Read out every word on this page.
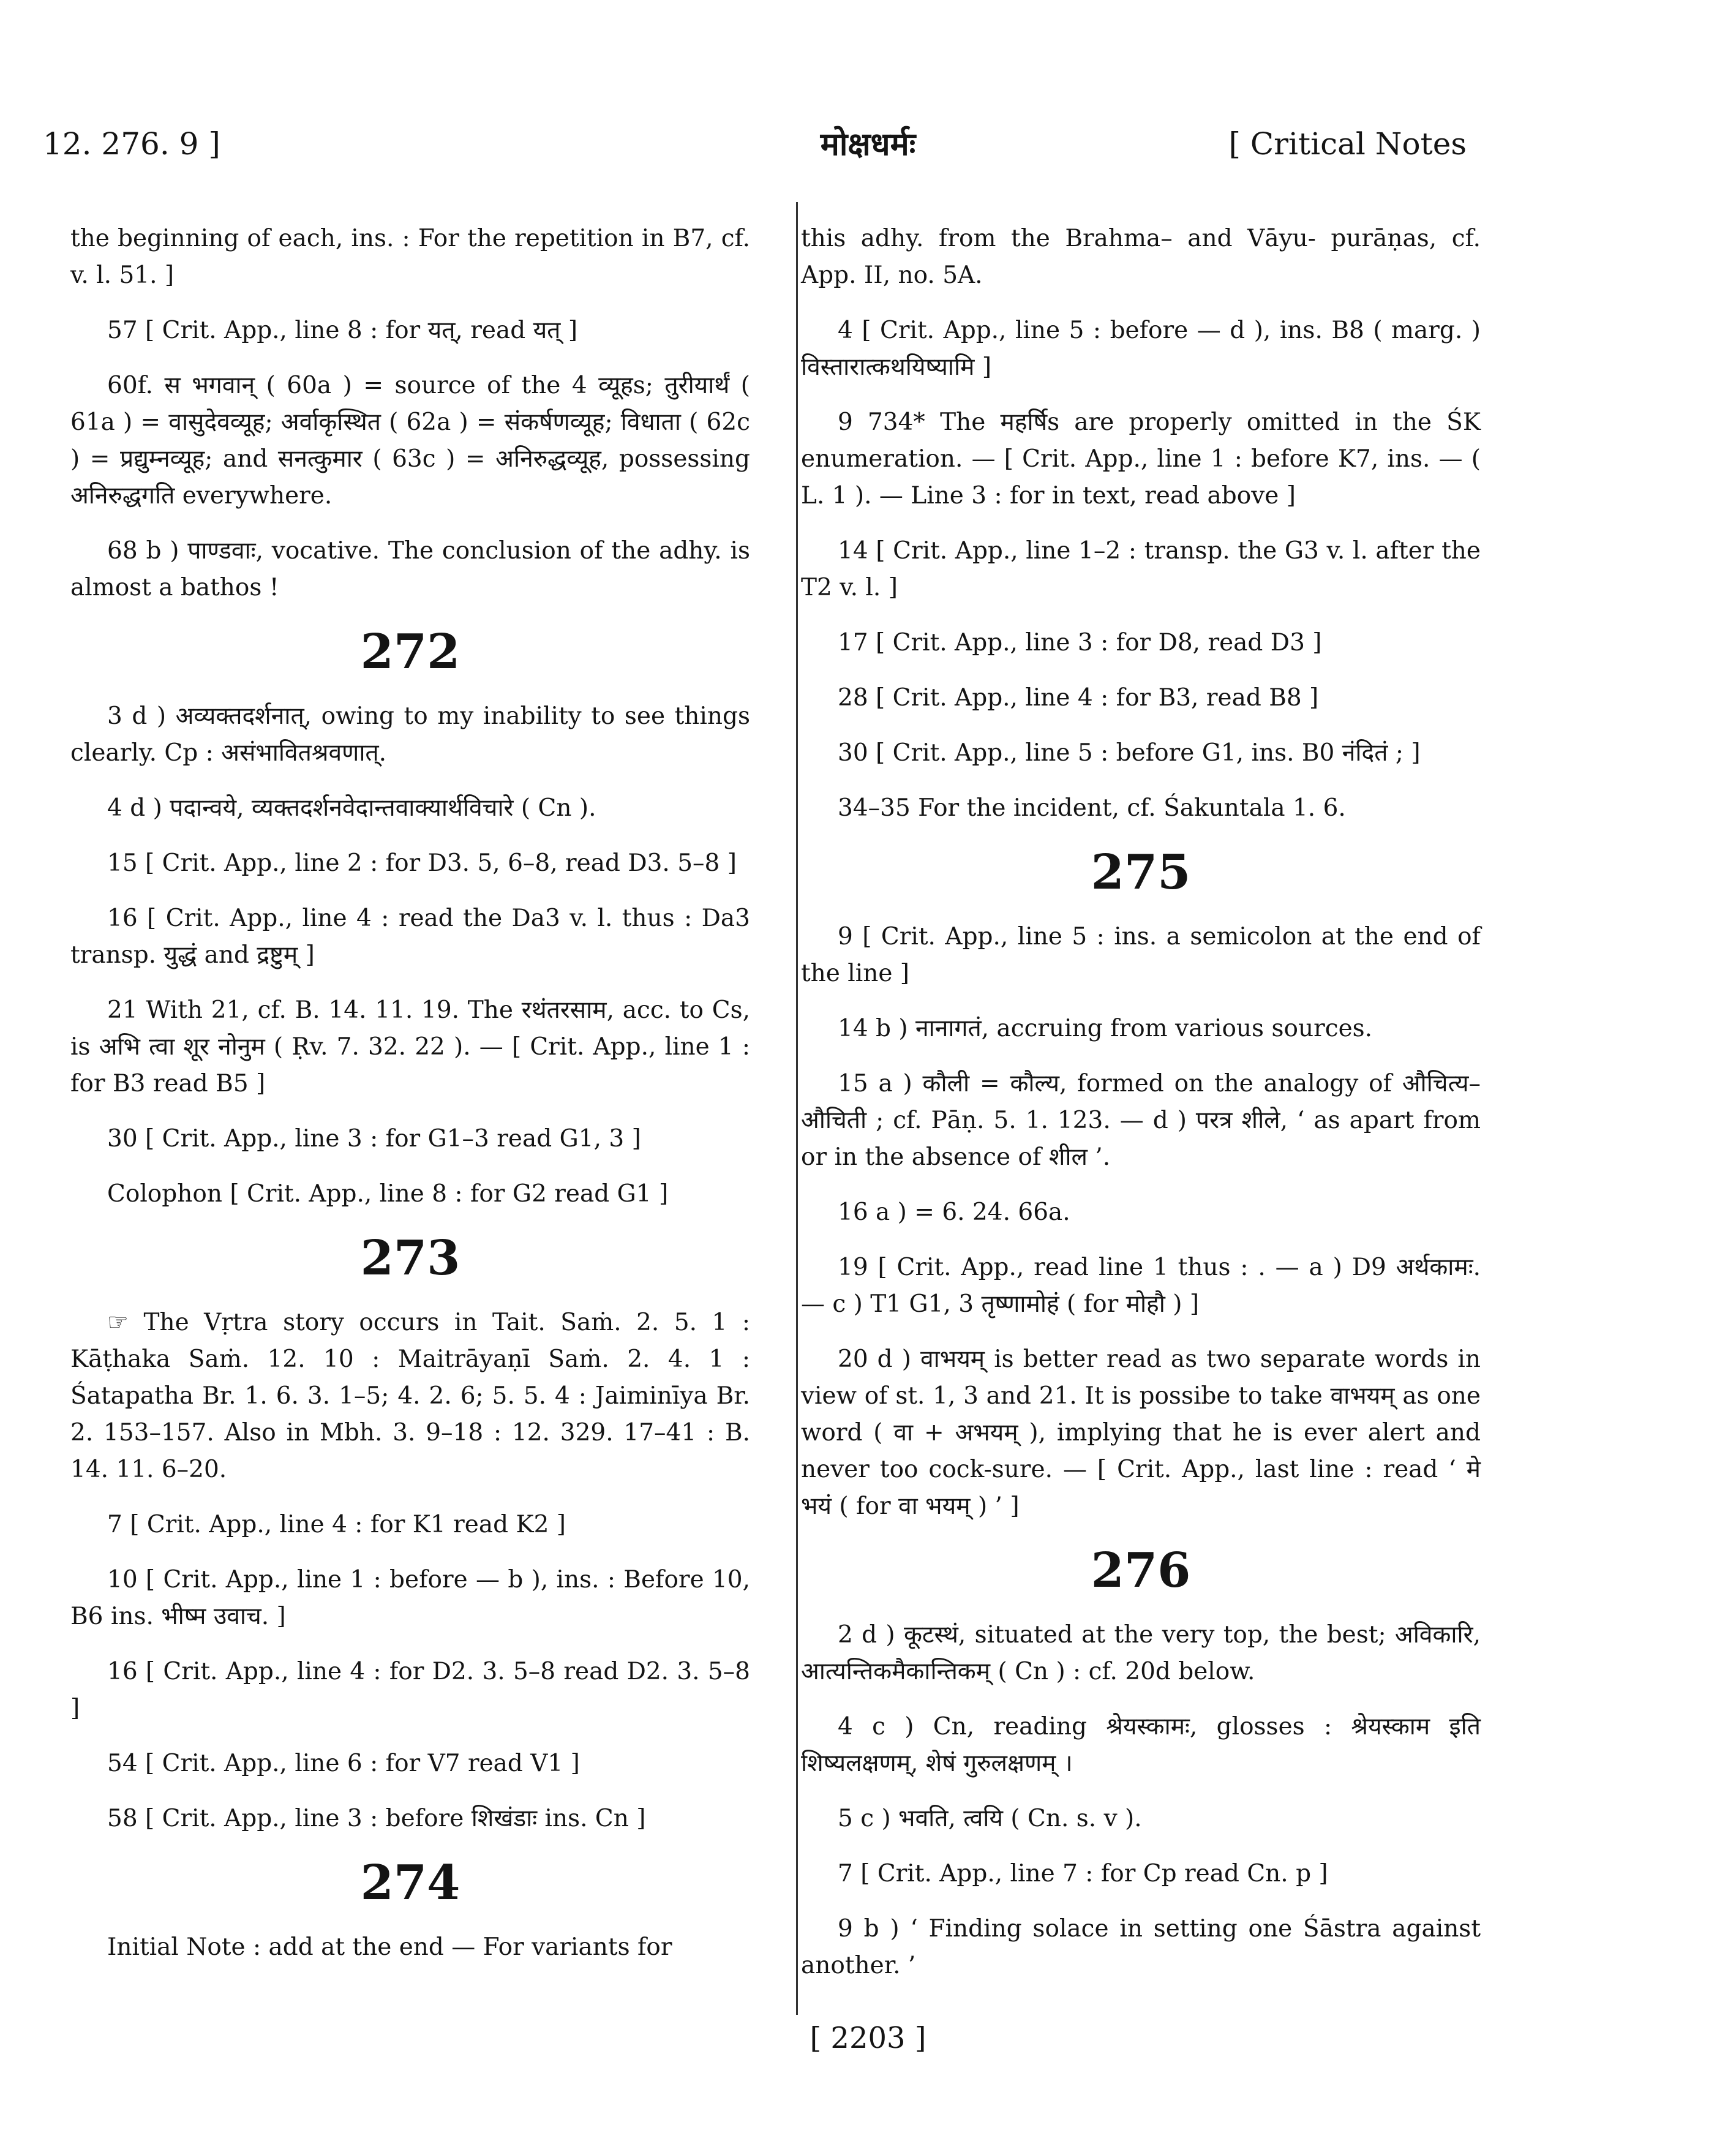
12. 276. 9 ]	मोक्षधर्मः	[ Critical Notes
the beginning of each, ins. : For the repetition in B7, cf. v. l. 51. ]
57 [ Crit. App., line 8 : for यत्, read यत् ]
60f. स भगवान् ( 60a ) = source of the 4 व्यूहs; तुरीयार्थं ( 61a ) = वासुदेवव्यूह; अर्वाकृस्थित ( 62a ) = संकर्षणव्यूह; विधाता ( 62c ) = प्रद्युम्नव्यूह; and सनत्कुमार ( 63c ) = अनिरुद्धव्यूह, possessing अनिरुद्धगति everywhere.
68 b ) पाण्डवाः, vocative. The conclusion of the adhy. is almost a bathos !
272
3 d ) अव्यक्तदर्शनात्, owing to my inability to see things clearly. Cp : असंभावितश्रवणात्.
4 d ) पदान्वये, व्यक्तदर्शनवेदान्तवाक्यार्थविचारे ( Cn ).
15 [ Crit. App., line 2 : for D3. 5, 6–8, read D3. 5–8 ]
16 [ Crit. App., line 4 : read the Da3 v. l. thus : Da3 transp. युद्धं and द्रष्टुम् ]
21 With 21, cf. B. 14. 11. 19. The रथंतरसाम, acc. to Cs, is अभि त्वा शूर नोनुम ( Ṛv. 7. 32. 22 ). — [ Crit. App., line 1 : for B3 read B5 ]
30 [ Crit. App., line 3 : for G1–3 read G1, 3 ]
Colophon [ Crit. App., line 8 : for G2 read G1 ]
273
☞ The Vṛtra story occurs in Tait. Saṁ. 2. 5. 1 : Kāṭhaka Saṁ. 12. 10 : Maitrāyaṇī Saṁ. 2. 4. 1 : Śatapatha Br. 1. 6. 3. 1–5; 4. 2. 6; 5. 5. 4 : Jaiminīya Br. 2. 153–157. Also in Mbh. 3. 9–18 : 12. 329. 17–41 : B. 14. 11. 6–20.
7 [ Crit. App., line 4 : for K1 read K2 ]
10 [ Crit. App., line 1 : before — b ), ins. : Before 10, B6 ins. भीष्म उवाच. ]
16 [ Crit. App., line 4 : for D2. 3. 5–8 read D2. 3. 5–8 ]
54 [ Crit. App., line 6 : for V7 read V1 ]
58 [ Crit. App., line 3 : before शिखंडाः ins. Cn ]
274
Initial Note : add at the end — For variants for
this adhy. from the Brahma– and Vāyu- purāṇas, cf. App. II, no. 5A.
4 [ Crit. App., line 5 : before — d ), ins. B8 ( marg. ) विस्तारात्कथयिष्यामि ]
9 734* The महर्षिs are properly omitted in the ŚK enumeration. — [ Crit. App., line 1 : before K7, ins. — ( L. 1 ). — Line 3 : for in text, read above ]
14 [ Crit. App., line 1–2 : transp. the G3 v. l. after the T2 v. l. ]
17 [ Crit. App., line 3 : for D8, read D3 ]
28 [ Crit. App., line 4 : for B3, read B8 ]
30 [ Crit. App., line 5 : before G1, ins. B0 नंदितं ; ]
34–35 For the incident, cf. Śakuntala 1. 6.
275
9 [ Crit. App., line 5 : ins. a semicolon at the end of the line ]
14 b ) नानागतं, accruing from various sources.
15 a ) कौली = कौल्य, formed on the analogy of औचित्य–औचिती ; cf. Pāṇ. 5. 1. 123. — d ) परत्र शीले, ‘ as apart from or in the absence of शील ’.
16 a ) = 6. 24. 66a.
19 [ Crit. App., read line 1 thus : . — a ) D9 अर्थकामः. — c ) T1 G1, 3 तृष्णामोहं ( for मोहौ ) ]
20 d ) वाभयम् is better read as two separate words in view of st. 1, 3 and 21. It is possibe to take वाभयम् as one word ( वा + अभयम् ), implying that he is ever alert and never too cock-sure. — [ Crit. App., last line : read ‘ मे भयं ( for वा भयम् ) ’ ]
276
2 d ) कूटस्थं, situated at the very top, the best; अविकारि, आत्यन्तिकमैकान्तिकम् ( Cn ) : cf. 20d below.
4 c ) Cn, reading श्रेयस्कामः, glosses : श्रेयस्काम इति शिष्यलक्षणम्, शेषं गुरुलक्षणम् ।
5 c ) भवति, त्वयि ( Cn. s. v ).
7 [ Crit. App., line 7 : for Cp read Cn. p ]
9 b ) ‘ Finding solace in setting one Śāstra against another. ’
[ 2203 ]
